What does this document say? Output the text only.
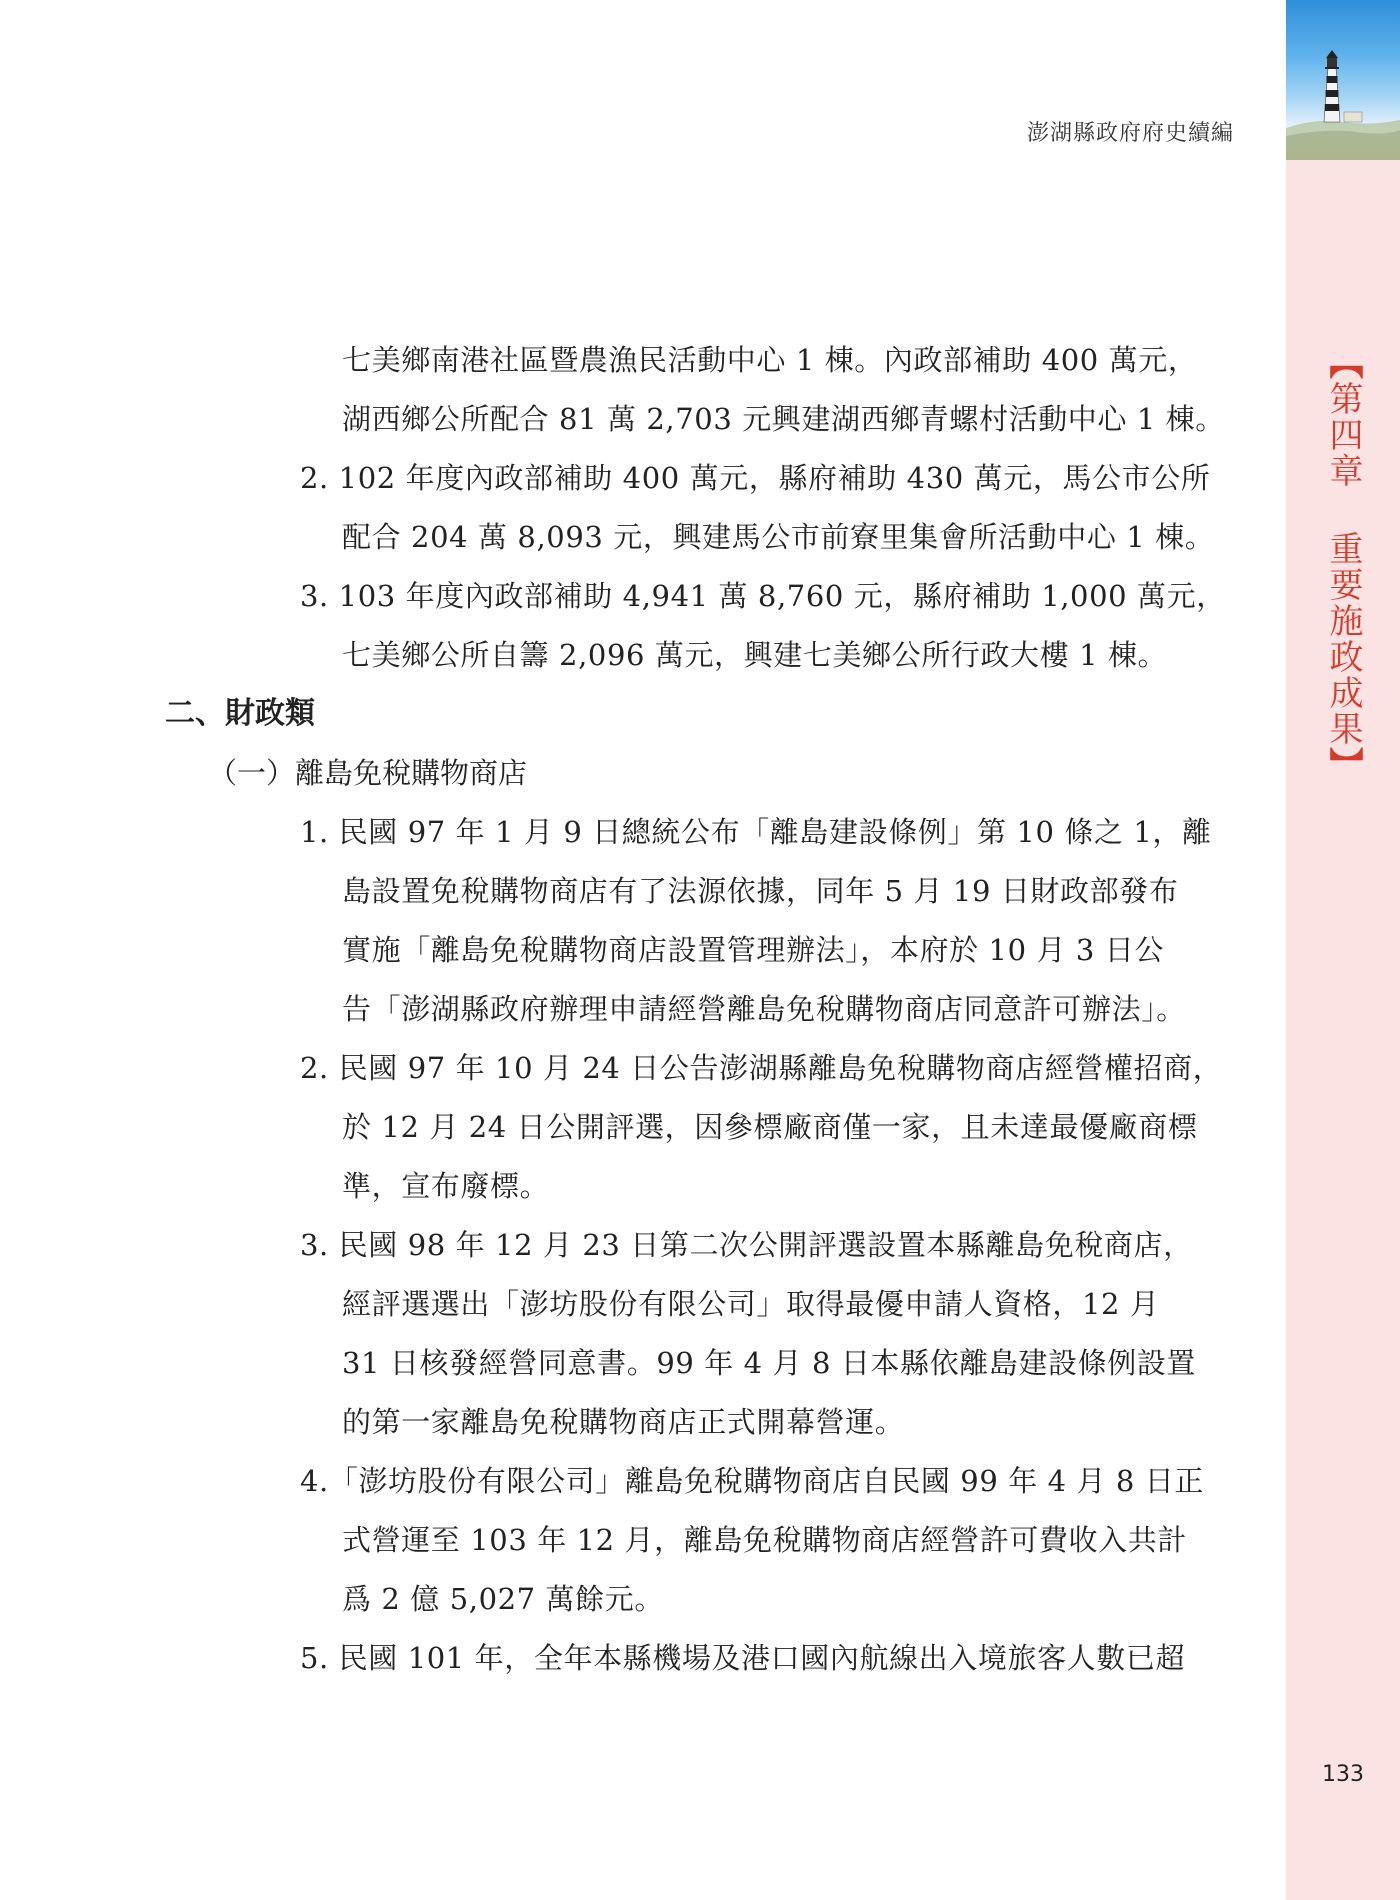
【第四章 重要施政成果】
133
澎湖縣政府府史續編
七美鄉南港社區暨農漁民活動中心 1 棟。內政部補助 400 萬元，
湖西鄉公所配合 81 萬 2,703 元興建湖西鄉青螺村活動中心 1 棟。
2. 102 年度內政部補助 400 萬元，縣府補助 430 萬元，馬公市公所
配合 204 萬 8,093 元，興建馬公市前寮里集會所活動中心 1 棟。
3. 103 年度內政部補助 4,941 萬 8,760 元，縣府補助 1,000 萬元，
七美鄉公所自籌 2,096 萬元，興建七美鄉公所行政大樓 1 棟。
二、財政類
（一）離島免稅購物商店
1. 民國 97 年 1 月 9 日總統公布「離島建設條例」第 10 條之 1，離
島設置免稅購物商店有了法源依據，同年 5 月 19 日財政部發布
實施「離島免稅購物商店設置管理辦法」，本府於 10 月 3 日公
告「澎湖縣政府辦理申請經營離島免稅購物商店同意許可辦法」。
2. 民國 97 年 10 月 24 日公告澎湖縣離島免稅購物商店經營權招商，
於 12 月 24 日公開評選，因參標廠商僅一家，且未達最優廠商標
準，宣布廢標。
3. 民國 98 年 12 月 23 日第二次公開評選設置本縣離島免稅商店，
經評選選出「澎坊股份有限公司」取得最優申請人資格，12 月
31 日核發經營同意書。99 年 4 月 8 日本縣依離島建設條例設置
的第一家離島免稅購物商店正式開幕營運。
4.「澎坊股份有限公司」離島免稅購物商店自民國 99 年 4 月 8 日正
式營運至 103 年 12 月，離島免稅購物商店經營許可費收入共計
爲 2 億 5,027 萬餘元。
5. 民國 101 年，全年本縣機場及港口國內航線出入境旅客人數已超
